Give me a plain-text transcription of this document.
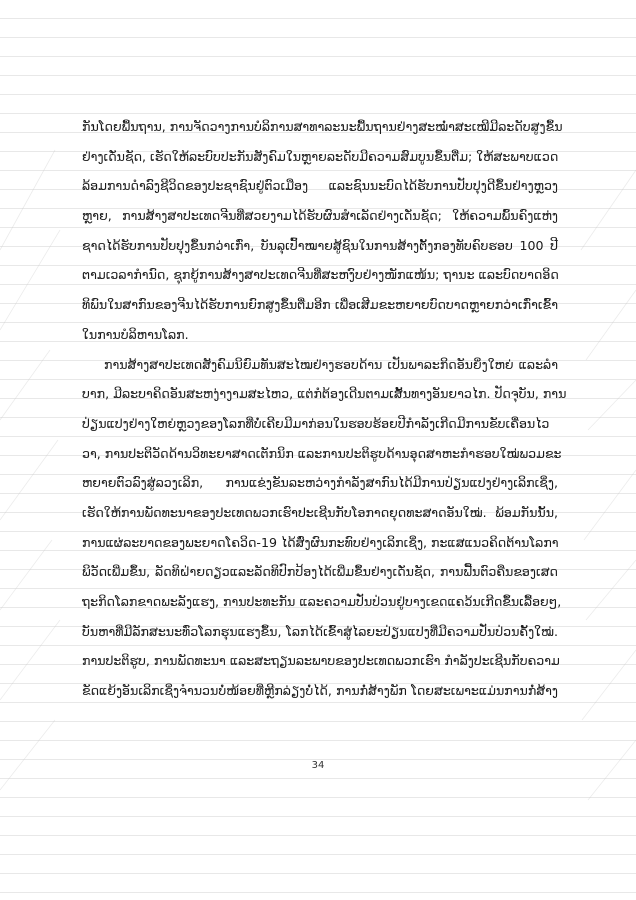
ກັນໂດຍພື້ນຖານ, ການຈັດວາງການບໍລິການສາທາລະນະພື້ນຖານຢ່າງສະໝໍ່າສະເໝີມີລະດັບສູງຂຶ້ນ
ຢ່າງເດັ່ນຊັດ, ເຮັດໃຫ້ລະບົບປະກັນສັງຄົມໃນຫຼາຍລະດັບມີຄວາມສົມບູນຂຶ້ນຕື່ມ; ໃຫ້ສະພາບແວດ
ລ້ອມການດໍາລົງຊີວິດຂອງປະຊາຊົນຢູ່ຕົວເມືອງ ແລະຊົນນະບົດໄດ້ຮັບການປັບປຸງດີຂຶ້ນຢ່າງຫຼວງ
ຫຼາຍ, ການສ້າງສາປະເທດຈີນທີ່ສວຍງາມໄດ້ຮັບຜົນສໍາເລັດຢ່າງເດັ່ນຊັດ; ໃຫ້ຄວາມພົ້ນຄົງແຫ່ງ
ຊາດໄດ້ຮັບການປັບປຸງຂຶ້ນກວ່າເກົ່າ, ບັນລຸເປົ້າໝາຍສູ້ຊົນໃນການສ້າງຕັ້ງກອງທັບຄົບຮອບ 100 ປີ
ຕາມເວລາກໍານົດ, ຊຸກຍູ້ການສ້າງສາປະເທດຈີນທີ່ສະຫງົບຢ່າງໜັກແໜ້ນ; ຖານະ ແລະບົດບາດອິດ
ທິພົນໃນສາກົນຂອງຈີນໄດ້ຮັບການຍົກສູງຂຶ້ນຕື່ມອີກ ເພື່ອເສີມຂະຫຍາຍບົດບາດຫຼາຍກວ່າເກົ່າເຂົ້າ
ໃນການບໍລິຫານໂລກ.
ການສ້າງສາປະເທດສັງຄົມນິຍົມທັນສະໄໝຢ່າງຮອບດ້ານ ເປັນພາລະກິດອັນຍິ່ງໃຫຍ່ ແລະລໍາ
ບາກ, ມີລະບາຄິດອັນສະຫງ່າງາມສະໄຫວ, ແຕ່ກໍຕ້ອງເດີນຕາມເສັ້ນທາງອັນຍາວໄກ. ປັດຈຸບັນ, ການ
ປ່ຽນແປງຢ່າງໃຫຍ່ຫຼວງຂອງໂລກທີ່ບໍ່ເຄີຍມີມາກ່ອນໃນຮອບຮ້ອຍປີກໍາລັງເກີດມີການຂັບເຄື່ອນໄວ
ວາ, ການປະຕິວັດດ້ານວິທະຍາສາດເຕັກນິກ ແລະການປະຕິຮູບດ້ານອຸດສາຫະກໍາຮອບໃໝ່ພວມຂະ
ຫຍາຍຕົວລົງສູ່ລວງເລິກ, ການແຂ່ງຂັນລະຫວ່າງກໍາລັງສາກົນໄດ້ມີການປ່ຽນແປງຢ່າງເລິກເຊິ່ງ,
ເຮັດໃຫ້ການພັດທະນາຂອງປະເທດພວກເຮົາປະເຊີນກັບໂອກາດຍຸດທະສາດອັນໃໝ່. ພ້ອມກັນນັ້ນ,
ການແຜ່ລະບາດຂອງພະຍາດໂຄວິດ-19 ໄດ້ສົ່ງຜົນກະທົບຢ່າງເລິກເຊິ່ງ, ກະແສແນວຄິດຕ້ານໂລກາ
ພິວັດເພີ່ມຂຶ້ນ, ລັດທິຝ່າຍດຽວແລະລັດທິປົກປ້ອງໄດ້ເພີ່ມຂຶ້ນຢ່າງເດັ່ນຊັດ, ການຟື້ນຕົວຄືນຂອງເສດ
ຖະກິດໂລກຂາດພະລັງແຮງ, ການປະທະກັນ ແລະຄວາມປັ່ນປ່ວນຢູ່ບາງເຂດແຄວ້ນເກີດຂຶ້ນເລື້ອຍໆ,
ບັນຫາທີ່ມີລັກສະນະທົ່ວໂລກຮຸນແຮງຂຶ້ນ, ໂລກໄດ້ເຂົ້າສູ່ໄລຍະປ່ຽນແປງທີ່ມີຄວາມປັ່ນປ່ວນຄັ້ງໃໝ່.
ການປະຕິຮູບ, ການພັດທະນາ ແລະສະຖຽນລະພາບຂອງປະເທດພວກເຮົາ ກໍາລັງປະເຊີນກັບຄວາມ
ຂັດແຍ້ງອັນເລິກເຊິ່ງຈໍານວນບໍ່ໜ້ອຍທີ່ຫຼີກລ່ຽງບໍ່ໄດ້, ການກໍ່ສ້າງພັກ ໂດຍສະເພາະແມ່ນການກໍ່ສ້າງ
34
